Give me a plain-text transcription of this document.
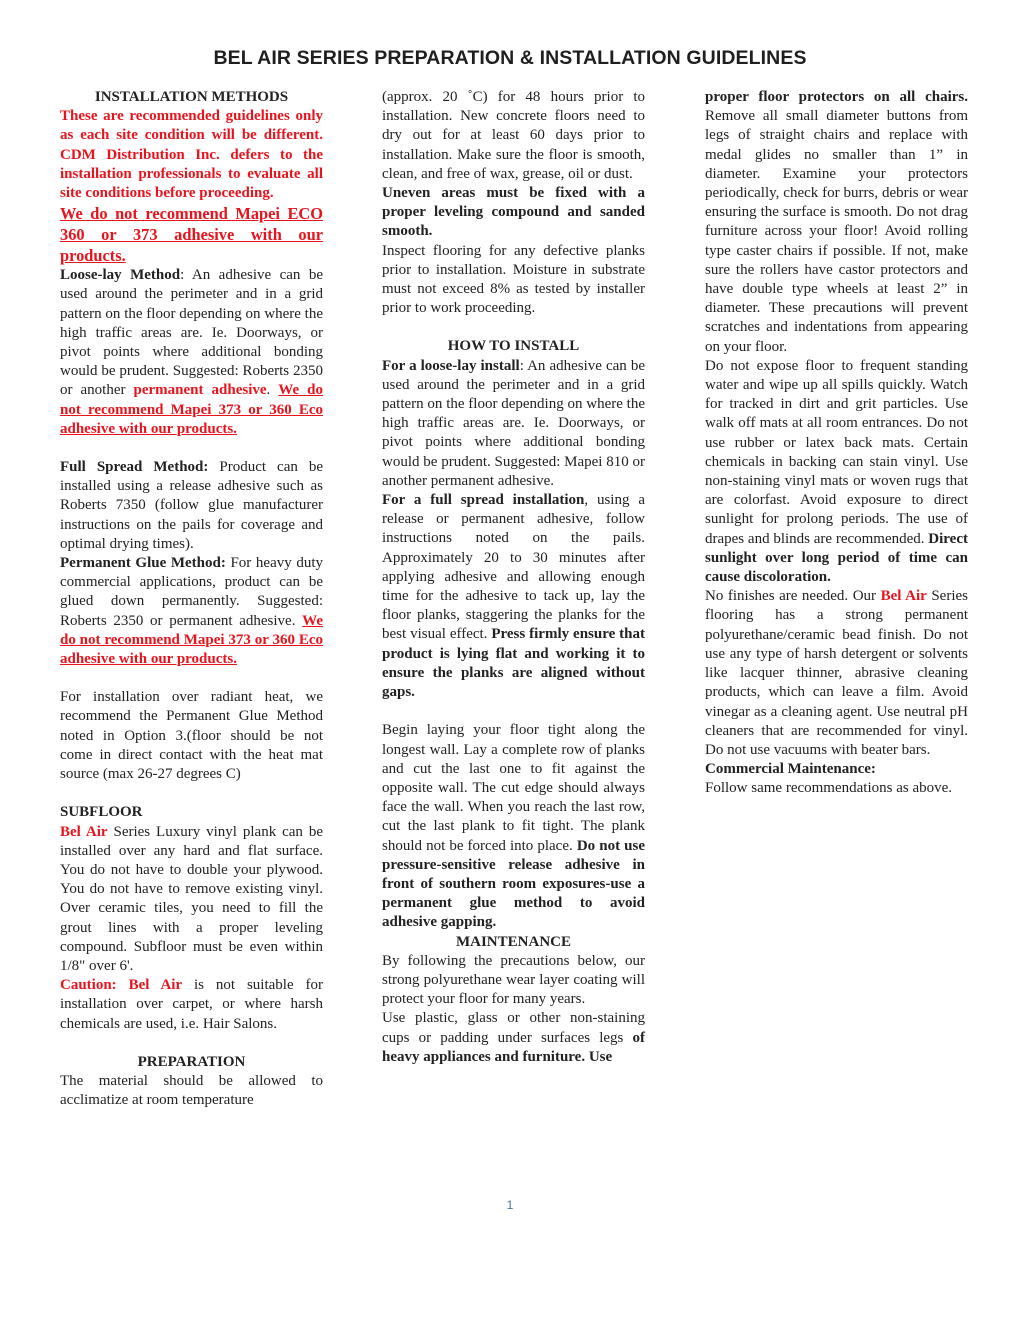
BEL AIR SERIES PREPARATION & INSTALLATION GUIDELINES

INSTALLATION METHODS

These are recommended guidelines only as each site condition will be different. CDM Distribution Inc. defers to the installation professionals to evaluate all site conditions before proceeding.

We do not recommend Mapei ECO 360 or 373 adhesive with our products.

Loose-lay Method: An adhesive can be used around the perimeter and in a grid pattern on the floor depending on where the high traffic areas are. Ie. Doorways, or pivot points where additional bonding would be prudent. Suggested: Roberts 2350 or another permanent adhesive. We do not recommend Mapei 373 or 360 Eco adhesive with our products.

Full Spread Method: Product can be installed using a release adhesive such as Roberts 7350 (follow glue manufacturer instructions on the pails for coverage and optimal drying times).

Permanent Glue Method: For heavy duty commercial applications, product can be glued down permanently. Suggested: Roberts 2350 or permanent adhesive. We do not recommend Mapei 373 or 360 Eco adhesive with our products.

For installation over radiant heat, we recommend the Permanent Glue Method noted in Option 3.(floor should be not come in direct contact with the heat mat source (max 26-27 degrees C)

SUBFLOOR

Bel Air Series Luxury vinyl plank can be installed over any hard and flat surface. You do not have to double your plywood. You do not have to remove existing vinyl. Over ceramic tiles, you need to fill the grout lines with a proper leveling compound. Subfloor must be even within 1/8" over 6'.

Caution: Bel Air is not suitable for installation over carpet, or where harsh chemicals are used, i.e. Hair Salons.

PREPARATION

The material should be allowed to acclimatize at room temperature

(approx. 20 ˚C) for 48 hours prior to installation. New concrete floors need to dry out for at least 60 days prior to installation. Make sure the floor is smooth, clean, and free of wax, grease, oil or dust.

Uneven areas must be fixed with a proper leveling compound and sanded smooth.

Inspect flooring for any defective planks prior to installation. Moisture in substrate must not exceed 8% as tested by installer prior to work proceeding.

HOW TO INSTALL

For a loose-lay install: An adhesive can be used around the perimeter and in a grid pattern on the floor depending on where the high traffic areas are. Ie. Doorways, or pivot points where additional bonding would be prudent. Suggested: Mapei 810 or another permanent adhesive.

For a full spread installation, using a release or permanent adhesive, follow instructions noted on the pails. Approximately 20 to 30 minutes after applying adhesive and allowing enough time for the adhesive to tack up, lay the floor planks, staggering the planks for the best visual effect. Press firmly ensure that product is lying flat and working it to ensure the planks are aligned without gaps.

Begin laying your floor tight along the longest wall. Lay a complete row of planks and cut the last one to fit against the opposite wall. The cut edge should always face the wall. When you reach the last row, cut the last plank to fit tight. The plank should not be forced into place. Do not use pressure-sensitive release adhesive in front of southern room exposures-use a permanent glue method to avoid adhesive gapping.

MAINTENANCE

By following the precautions below, our strong polyurethane wear layer coating will protect your floor for many years.

Use plastic, glass or other non-staining cups or padding under surfaces legs of heavy appliances and furniture. Use

proper floor protectors on all chairs. Remove all small diameter buttons from legs of straight chairs and replace with medal glides no smaller than 1” in diameter. Examine your protectors periodically, check for burrs, debris or wear ensuring the surface is smooth. Do not drag furniture across your floor! Avoid rolling type caster chairs if possible. If not, make sure the rollers have castor protectors and have double type wheels at least 2” in diameter. These precautions will prevent scratches and indentations from appearing on your floor.

Do not expose floor to frequent standing water and wipe up all spills quickly. Watch for tracked in dirt and grit particles. Use walk off mats at all room entrances. Do not use rubber or latex back mats. Certain chemicals in backing can stain vinyl. Use non-staining vinyl mats or woven rugs that are colorfast. Avoid exposure to direct sunlight for prolong periods. The use of drapes and blinds are recommended. Direct sunlight over long period of time can cause discoloration.

No finishes are needed. Our Bel Air Series flooring has a strong permanent polyurethane/ceramic bead finish. Do not use any type of harsh detergent or solvents like lacquer thinner, abrasive cleaning products, which can leave a film. Avoid vinegar as a cleaning agent. Use neutral pH cleaners that are recommended for vinyl. Do not use vacuums with beater bars.

Commercial Maintenance:

Follow same recommendations as above.

1
